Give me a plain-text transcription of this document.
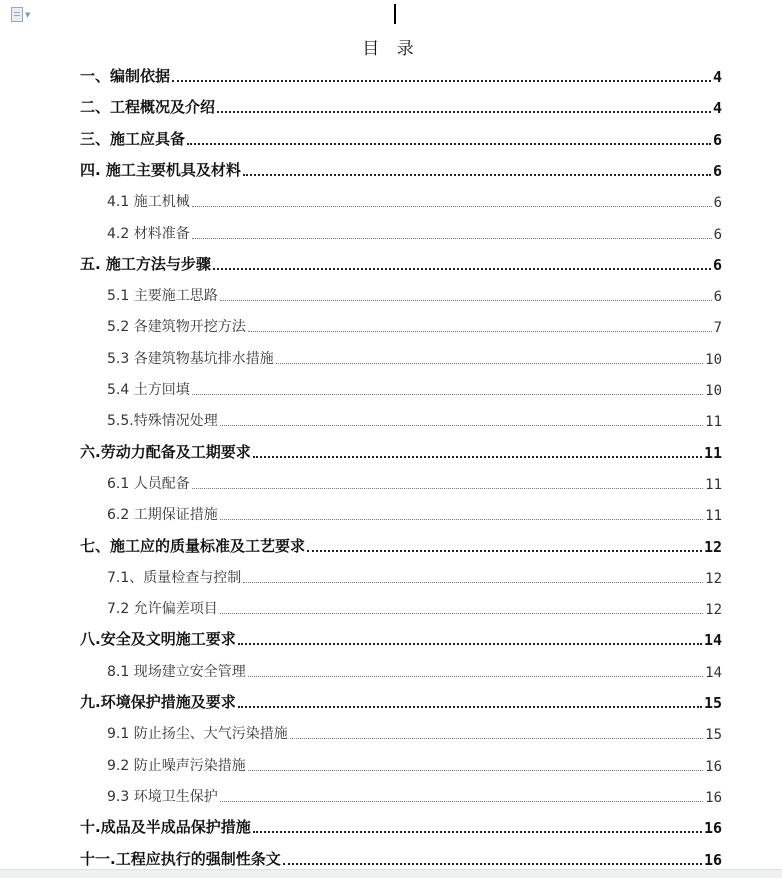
▼
目 录
一、编制依据	4
二、工程概况及介绍	4
三、施工应具备	6
四. 施工主要机具及材料	6
4.1 施工机械	6
4.2 材料准备	6
五. 施工方法与步骤	6
5.1 主要施工思路	6
5.2 各建筑物开挖方法	7
5.3 各建筑物基坑排水措施	10
5.4 土方回填	10
5.5.特殊情况处理	11
六.劳动力配备及工期要求	11
6.1 人员配备	11
6.2 工期保证措施	11
七、施工应的质量标准及工艺要求	12
7.1、质量检查与控制	12
7.2 允许偏差项目	12
八.安全及文明施工要求	14
8.1 现场建立安全管理	14
九.环境保护措施及要求	15
9.1 防止扬尘、大气污染措施	15
9.2 防止噪声污染措施	16
9.3 环境卫生保护	16
十.成品及半成品保护措施	16
十一.工程应执行的强制性条文	16
